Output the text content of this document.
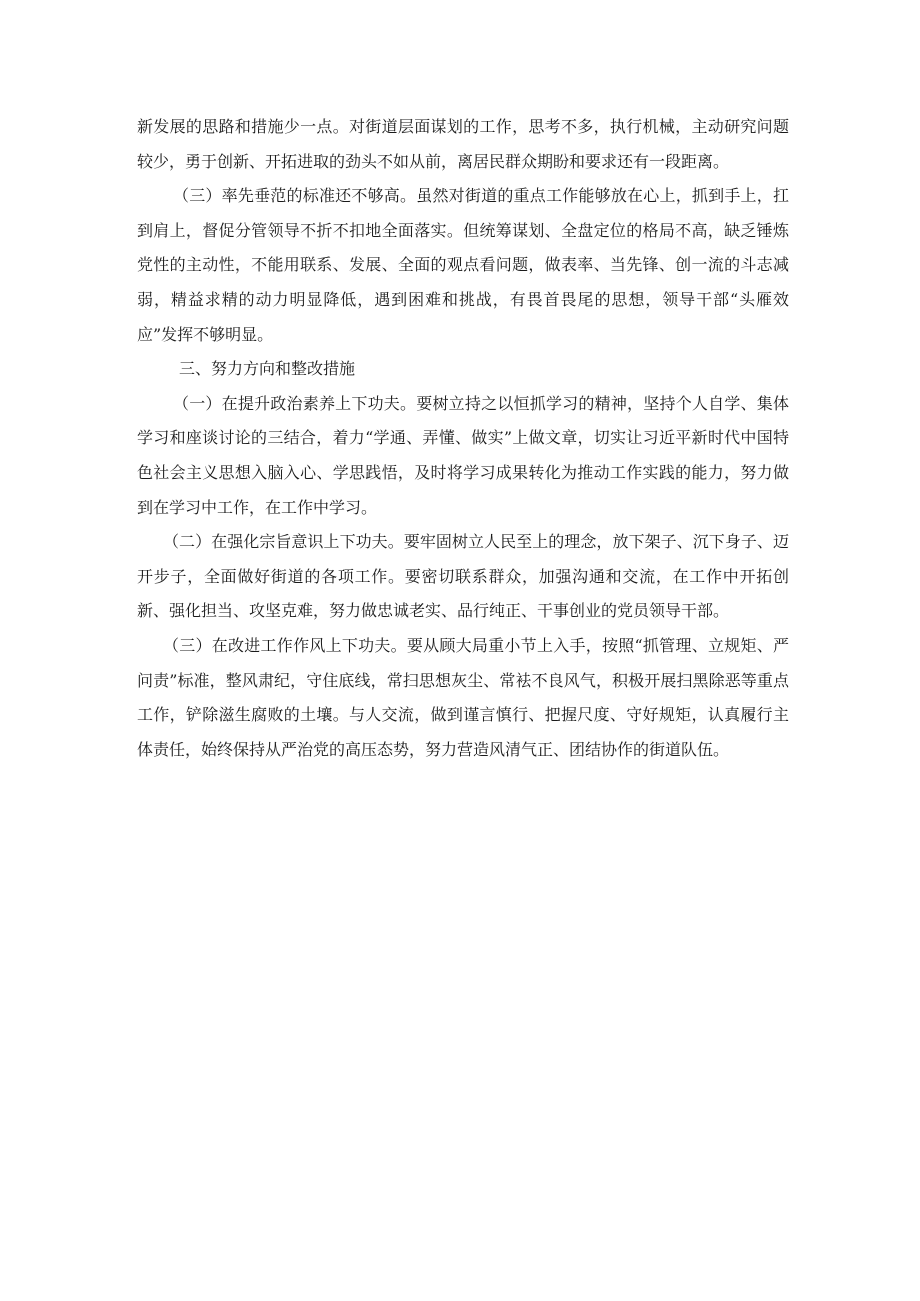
新发展的思路和措施少一点。对街道层面谋划的工作，思考不多，执行机械，主动研究问题较少，勇于创新、开拓进取的劲头不如从前，离居民群众期盼和要求还有一段距离。

（三）率先垂范的标准还不够高。虽然对街道的重点工作能够放在心上，抓到手上，扛到肩上，督促分管领导不折不扣地全面落实。但统筹谋划、全盘定位的格局不高，缺乏锤炼党性的主动性，不能用联系、发展、全面的观点看问题，做表率、当先锋、创一流的斗志减弱，精益求精的动力明显降低，遇到困难和挑战，有畏首畏尾的思想，领导干部“头雁效应”发挥不够明显。

三、努力方向和整改措施

（一）在提升政治素养上下功夫。要树立持之以恒抓学习的精神，坚持个人自学、集体学习和座谈讨论的三结合，着力“学通、弄懂、做实”上做文章，切实让习近平新时代中国特色社会主义思想入脑入心、学思践悟，及时将学习成果转化为推动工作实践的能力，努力做到在学习中工作，在工作中学习。

（二）在强化宗旨意识上下功夫。要牢固树立人民至上的理念，放下架子、沉下身子、迈开步子，全面做好街道的各项工作。要密切联系群众，加强沟通和交流，在工作中开拓创新、强化担当、攻坚克难，努力做忠诚老实、品行纯正、干事创业的党员领导干部。

（三）在改进工作作风上下功夫。要从顾大局重小节上入手，按照“抓管理、立规矩、严问责”标准，整风肃纪，守住底线，常扫思想灰尘、常袪不良风气，积极开展扫黑除恶等重点工作，铲除滋生腐败的土壤。与人交流，做到谨言慎行、把握尺度、守好规矩，认真履行主体责任，始终保持从严治党的高压态势，努力营造风清气正、团结协作的街道队伍。
